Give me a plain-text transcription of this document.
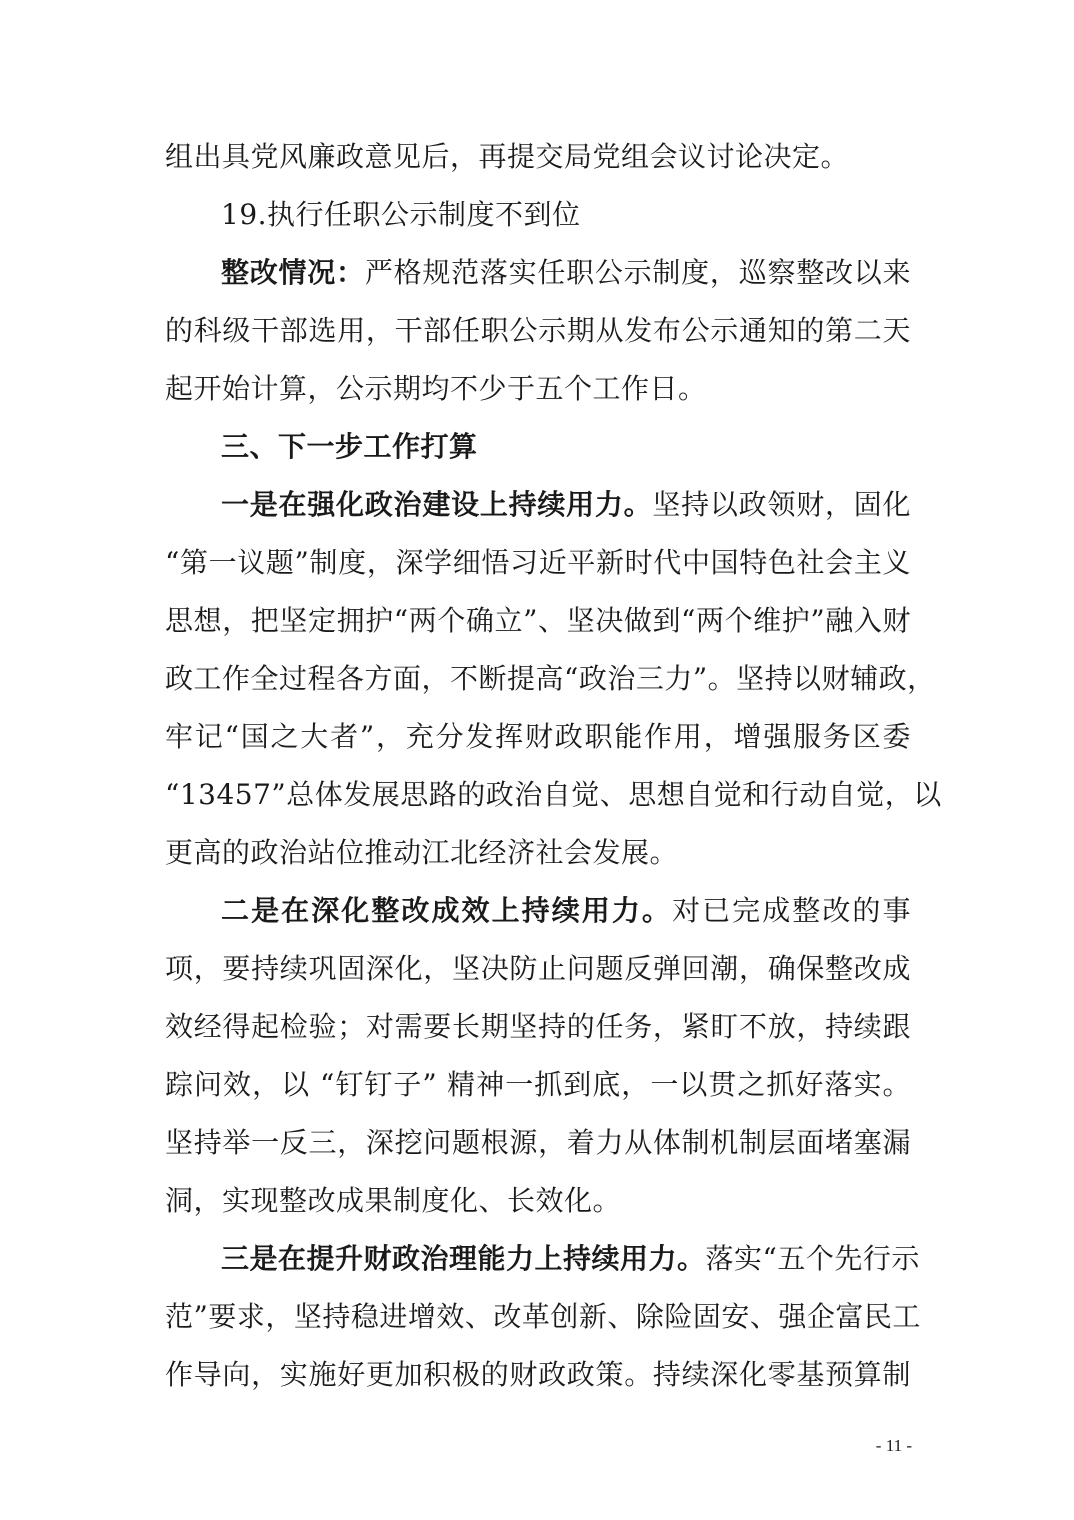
组出具党风廉政意见后，再提交局党组会议讨论决定。
19.执行任职公示制度不到位
整改情况：严格规范落实任职公示制度，巡察整改以来
的科级干部选用，干部任职公示期从发布公示通知的第二天
起开始计算，公示期均不少于五个工作日。
三、下一步工作打算
一是在强化政治建设上持续用力。坚持以政领财，固化
“第一议题”制度，深学细悟习近平新时代中国特色社会主义
思想，把坚定拥护“两个确立”、坚决做到“两个维护”融入财
政工作全过程各方面，不断提高“政治三力”。坚持以财辅政，
牢记“国之大者”，充分发挥财政职能作用，增强服务区委
“13457”总体发展思路的政治自觉、思想自觉和行动自觉，以
更高的政治站位推动江北经济社会发展。
二是在深化整改成效上持续用力。对已完成整改的事
项，要持续巩固深化，坚决防止问题反弹回潮，确保整改成
效经得起检验；对需要长期坚持的任务，紧盯不放，持续跟
踪问效，以 “钉钉子” 精神一抓到底，一以贯之抓好落实。
坚持举一反三，深挖问题根源，着力从体制机制层面堵塞漏
洞，实现整改成果制度化、长效化。
三是在提升财政治理能力上持续用力。落实“五个先行示
范”要求，坚持稳进增效、改革创新、除险固安、强企富民工
作导向，实施好更加积极的财政政策。持续深化零基预算制
- 11 -
